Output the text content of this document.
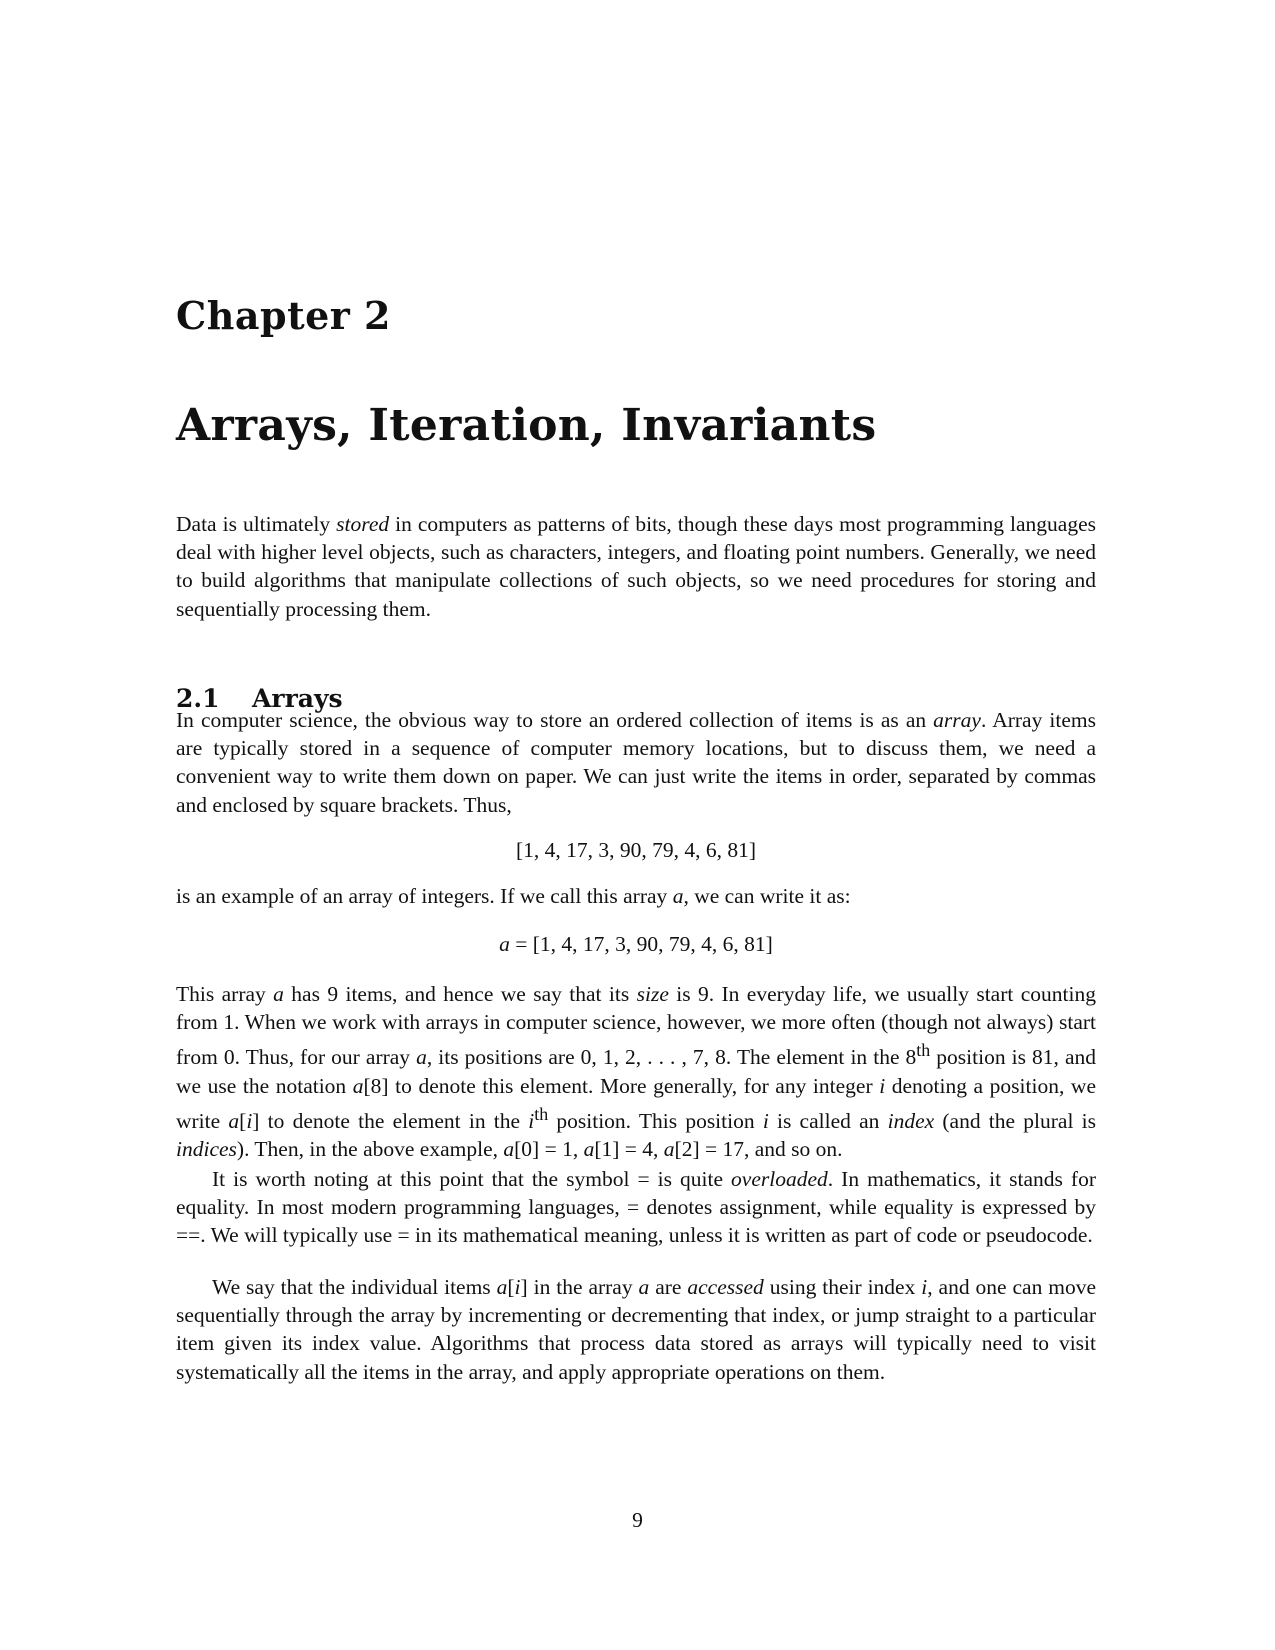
Chapter 2
Arrays, Iteration, Invariants

Data is ultimately stored in computers as patterns of bits, though these days most programming languages deal with higher level objects, such as characters, integers, and floating point numbers. Generally, we need to build algorithms that manipulate collections of such objects, so we need procedures for storing and sequentially processing them.

2.1 Arrays

In computer science, the obvious way to store an ordered collection of items is as an array. Array items are typically stored in a sequence of computer memory locations, but to discuss them, we need a convenient way to write them down on paper. We can just write the items in order, separated by commas and enclosed by square brackets. Thus,

[1, 4, 17, 3, 90, 79, 4, 6, 81]

is an example of an array of integers. If we call this array a, we can write it as:

a = [1, 4, 17, 3, 90, 79, 4, 6, 81]

This array a has 9 items, and hence we say that its size is 9. In everyday life, we usually start counting from 1. When we work with arrays in computer science, however, we more often (though not always) start from 0. Thus, for our array a, its positions are 0, 1, 2, . . . , 7, 8. The element in the 8th position is 81, and we use the notation a[8] to denote this element. More generally, for any integer i denoting a position, we write a[i] to denote the element in the $i^{th}$ position. This position i is called an index (and the plural is indices). Then, in the above example, a[0] = 1, a[1] = 4, a[2] = 17, and so on.

It is worth noting at this point that the symbol = is quite overloaded. In mathematics, it stands for equality. In most modern programming languages, = denotes assignment, while equality is expressed by ==. We will typically use = in its mathematical meaning, unless it is written as part of code or pseudocode.

We say that the individual items a[i] in the array a are accessed using their index i, and one can move sequentially through the array by incrementing or decrementing that index, or jump straight to a particular item given its index value. Algorithms that process data stored as arrays will typically need to visit systematically all the items in the array, and apply appropriate operations on them.

9
